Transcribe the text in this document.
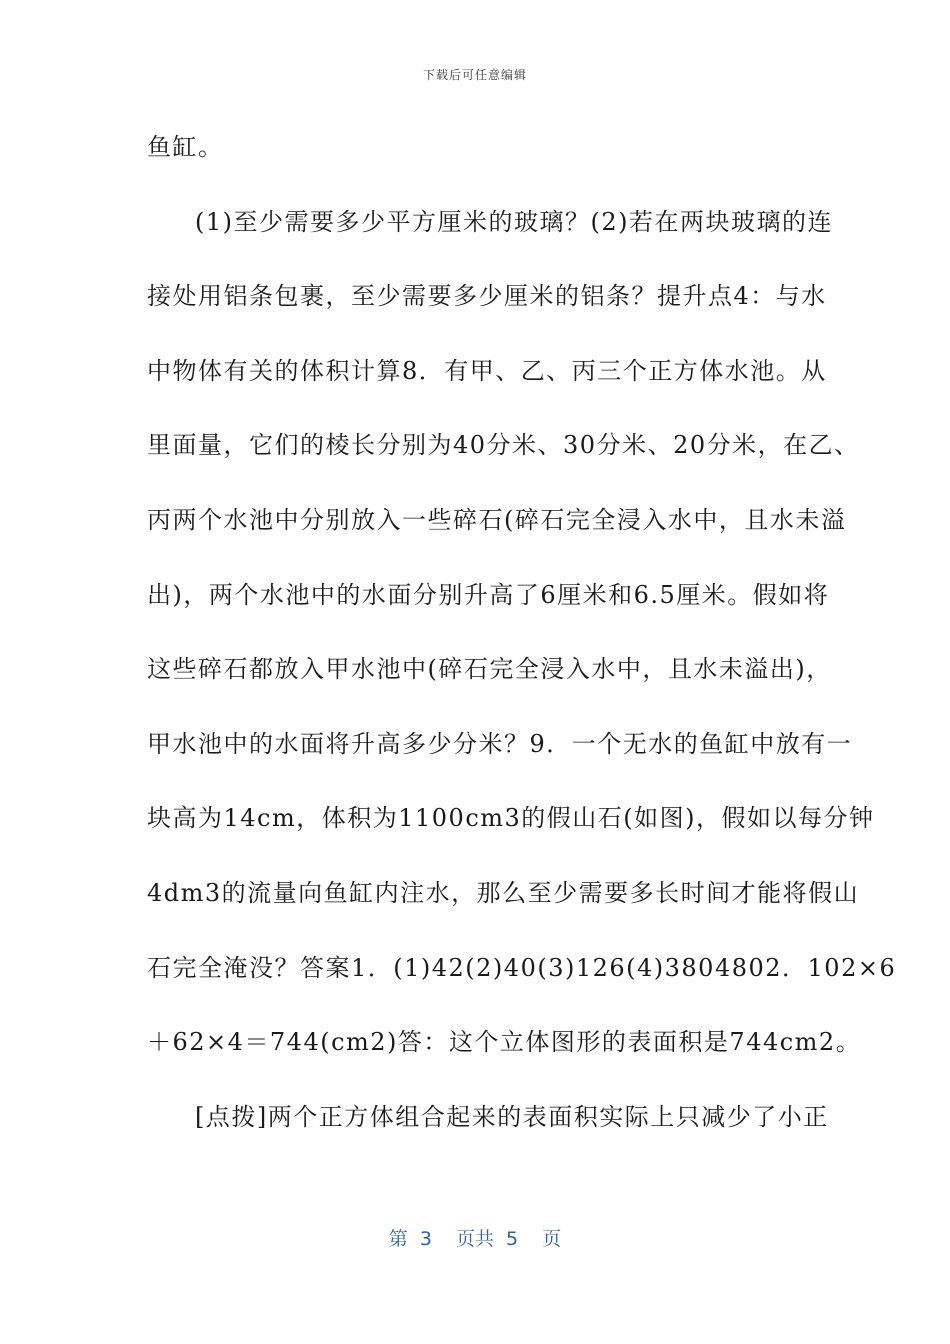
下载后可任意编辑
鱼缸。
(1)至少需要多少平方厘米的玻璃？(2)若在两块玻璃的连
接处用铝条包裹，至少需要多少厘米的铝条？提升点4：与水
中物体有关的体积计算8．有甲、乙、丙三个正方体水池。从
里面量，它们的棱长分别为40分米、30分米、20分米，在乙、
丙两个水池中分别放入一些碎石(碎石完全浸入水中，且水未溢
出)，两个水池中的水面分别升高了6厘米和6.5厘米。假如将
这些碎石都放入甲水池中(碎石完全浸入水中，且水未溢出)，
甲水池中的水面将升高多少分米？9．一个无水的鱼缸中放有一
块高为14cm，体积为1100cm3的假山石(如图)，假如以每分钟
4dm3的流量向鱼缸内注水，那么至少需要多长时间才能将假山
石完全淹没？答案1．(1)42(2)40(3)126(4)3804802．102×6
＋62×4＝744(cm2)答：这个立体图形的表面积是744cm2。
[点拨]两个正方体组合起来的表面积实际上只减少了小正
第 3  页共 5  页
